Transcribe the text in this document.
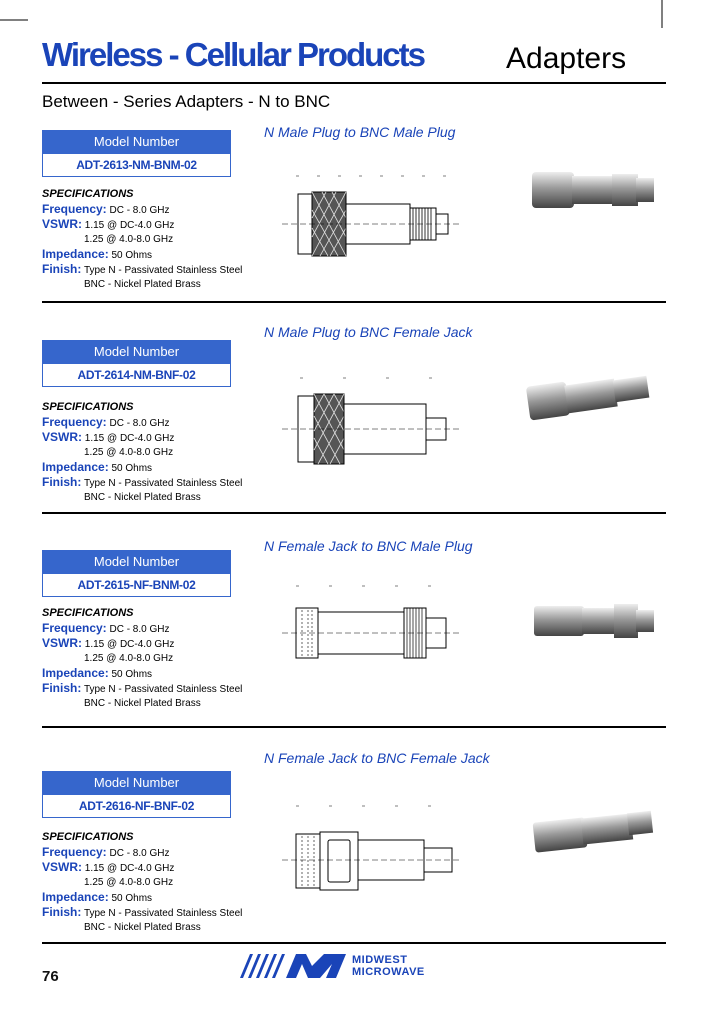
Wireless - Cellular Products	Adapters
Between - Series Adapters - N to BNC
N Male Plug to BNC Male Plug
Model Number
ADT-2613-NM-BNM-02
SPECIFICATIONS
Frequency: DC - 8.0 GHz
VSWR: 1.15 @ DC-4.0 GHz
1.25 @ 4.0-8.0 GHz
Impedance: 50 Ohms
Finish: Type N - Passivated Stainless Steel
BNC - Nickel Plated Brass
N Male Plug to BNC Female Jack
Model Number
ADT-2614-NM-BNF-02
SPECIFICATIONS
Frequency: DC - 8.0 GHz
VSWR: 1.15 @ DC-4.0 GHz
1.25 @ 4.0-8.0 GHz
Impedance: 50 Ohms
Finish: Type N - Passivated Stainless Steel
BNC - Nickel Plated Brass
N Female Jack to BNC Male Plug
Model Number
ADT-2615-NF-BNM-02
SPECIFICATIONS
Frequency: DC - 8.0 GHz
VSWR: 1.15 @ DC-4.0 GHz
1.25 @ 4.0-8.0 GHz
Impedance: 50 Ohms
Finish: Type N - Passivated Stainless Steel
BNC - Nickel Plated Brass
N Female Jack to BNC Female Jack
Model Number
ADT-2616-NF-BNF-02
SPECIFICATIONS
Frequency: DC - 8.0 GHz
VSWR: 1.15 @ DC-4.0 GHz
1.25 @ 4.0-8.0 GHz
Impedance: 50 Ohms
Finish: Type N - Passivated Stainless Steel
BNC - Nickel Plated Brass
76
MIDWEST
MICROWAVE
